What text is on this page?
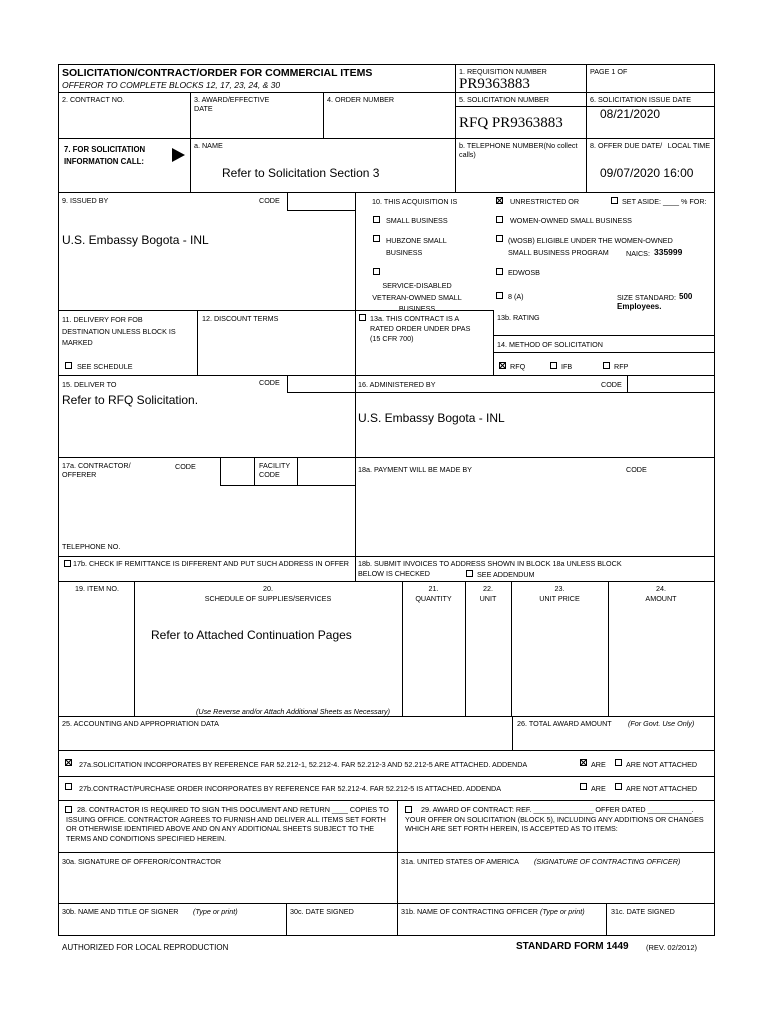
SOLICITATION/CONTRACT/ORDER FOR COMMERCIAL ITEMS
OFFEROR TO COMPLETE BLOCKS 12, 17, 23, 24, & 30
1. REQUISITION NUMBER
PR9363883
PAGE 1 OF
2. CONTRACT NO.	3. AWARD/EFFECTIVE DATE
4. ORDER NUMBER	5. SOLICITATION NUMBER
RFQ PR9363883
6. SOLICITATION ISSUE DATE
08/21/2020
7. FOR SOLICITATION INFORMATION CALL:
a. NAME
Refer to Solicitation Section 3
b. TELEPHONE NUMBER(No collect calls)
8. OFFER DUE DATE/ LOCAL TIME
09/07/2020 16:00
9. ISSUED BY	CODE
U.S. Embassy Bogota - INL
10. THIS ACQUISITION IS	UNRESTRICTED OR	SET ASIDE: ____ % FOR:
SMALL BUSINESS	WOMEN-OWNED SMALL BUSINESS
HUBZONE SMALL BUSINESS
(WOSB) ELIGIBLE UNDER THE WOMEN-OWNED SMALL BUSINESS PROGRAM	NAICS: 335999
SERVICE-DISABLED VETERAN-OWNED SMALL BUSINESS
EDWOSB
8 (A)	SIZE STANDARD: 500 Employees.
11. DELIVERY FOR FOB DESTINATION UNLESS BLOCK IS MARKED
SEE SCHEDULE
12. DISCOUNT TERMS	13a. THIS CONTRACT IS A RATED ORDER UNDER DPAS (15 CFR 700)
13b. RATING
14. METHOD OF SOLICITATION
RFQ	IFB	RFP
15. DELIVER TO	CODE
Refer to RFQ Solicitation.
16. ADMINISTERED BY	CODE
U.S. Embassy Bogota - INL
17a. CONTRACTOR/ OFFERER
CODE	FACILITY CODE
18a. PAYMENT WILL BE MADE BY	CODE
TELEPHONE NO.
17b. CHECK IF REMITTANCE IS DIFFERENT AND PUT SUCH ADDRESS IN OFFER	18b. SUBMIT INVOICES TO ADDRESS SHOWN IN BLOCK 18a UNLESS BLOCK BELOW IS CHECKED	SEE ADDENDUM
19. ITEM NO.	20.
SCHEDULE OF SUPPLIES/SERVICES
21.
QUANTITY
22.
UNIT
23.
UNIT PRICE
24.
AMOUNT
Refer to Attached Continuation Pages
(Use Reverse and/or Attach Additional Sheets as Necessary)
25. ACCOUNTING AND APPROPRIATION DATA	26. TOTAL AWARD AMOUNT (For Govt. Use Only)
27a.SOLICITATION INCORPORATES BY REFERENCE FAR 52.212-1, 52.212-4. FAR 52.212-3 AND 52.212-5 ARE ATTACHED. ADDENDA	ARE	ARE NOT ATTACHED
27b.CONTRACT/PURCHASE ORDER INCORPORATES BY REFERENCE FAR 52.212-4. FAR 52.212-5 IS ATTACHED. ADDENDA	ARE	ARE NOT ATTACHED
28. CONTRACTOR IS REQUIRED TO SIGN THIS DOCUMENT AND RETURN ____ COPIES TO ISSUING OFFICE. CONTRACTOR AGREES TO FURNISH AND DELIVER ALL ITEMS SET FORTH OR OTHERWISE IDENTIFIED ABOVE AND ON ANY ADDITIONAL SHEETS SUBJECT TO THE TERMS AND CONDITIONS SPECIFIED HEREIN.
29. AWARD OF CONTRACT: REF. _______________ OFFER DATED ___________. YOUR OFFER ON SOLICITATION (BLOCK 5), INCLUDING ANY ADDITIONS OR CHANGES WHICH ARE SET FORTH HEREIN, IS ACCEPTED AS TO ITEMS:
30a. SIGNATURE OF OFFEROR/CONTRACTOR	31a. UNITED STATES OF AMERICA (SIGNATURE OF CONTRACTING OFFICER)
30b. NAME AND TITLE OF SIGNER (Type or print)	30c. DATE SIGNED	31b. NAME OF CONTRACTING OFFICER (Type or print)	31c. DATE SIGNED
AUTHORIZED FOR LOCAL REPRODUCTION	STANDARD FORM 1449 (REV. 02/2012)
